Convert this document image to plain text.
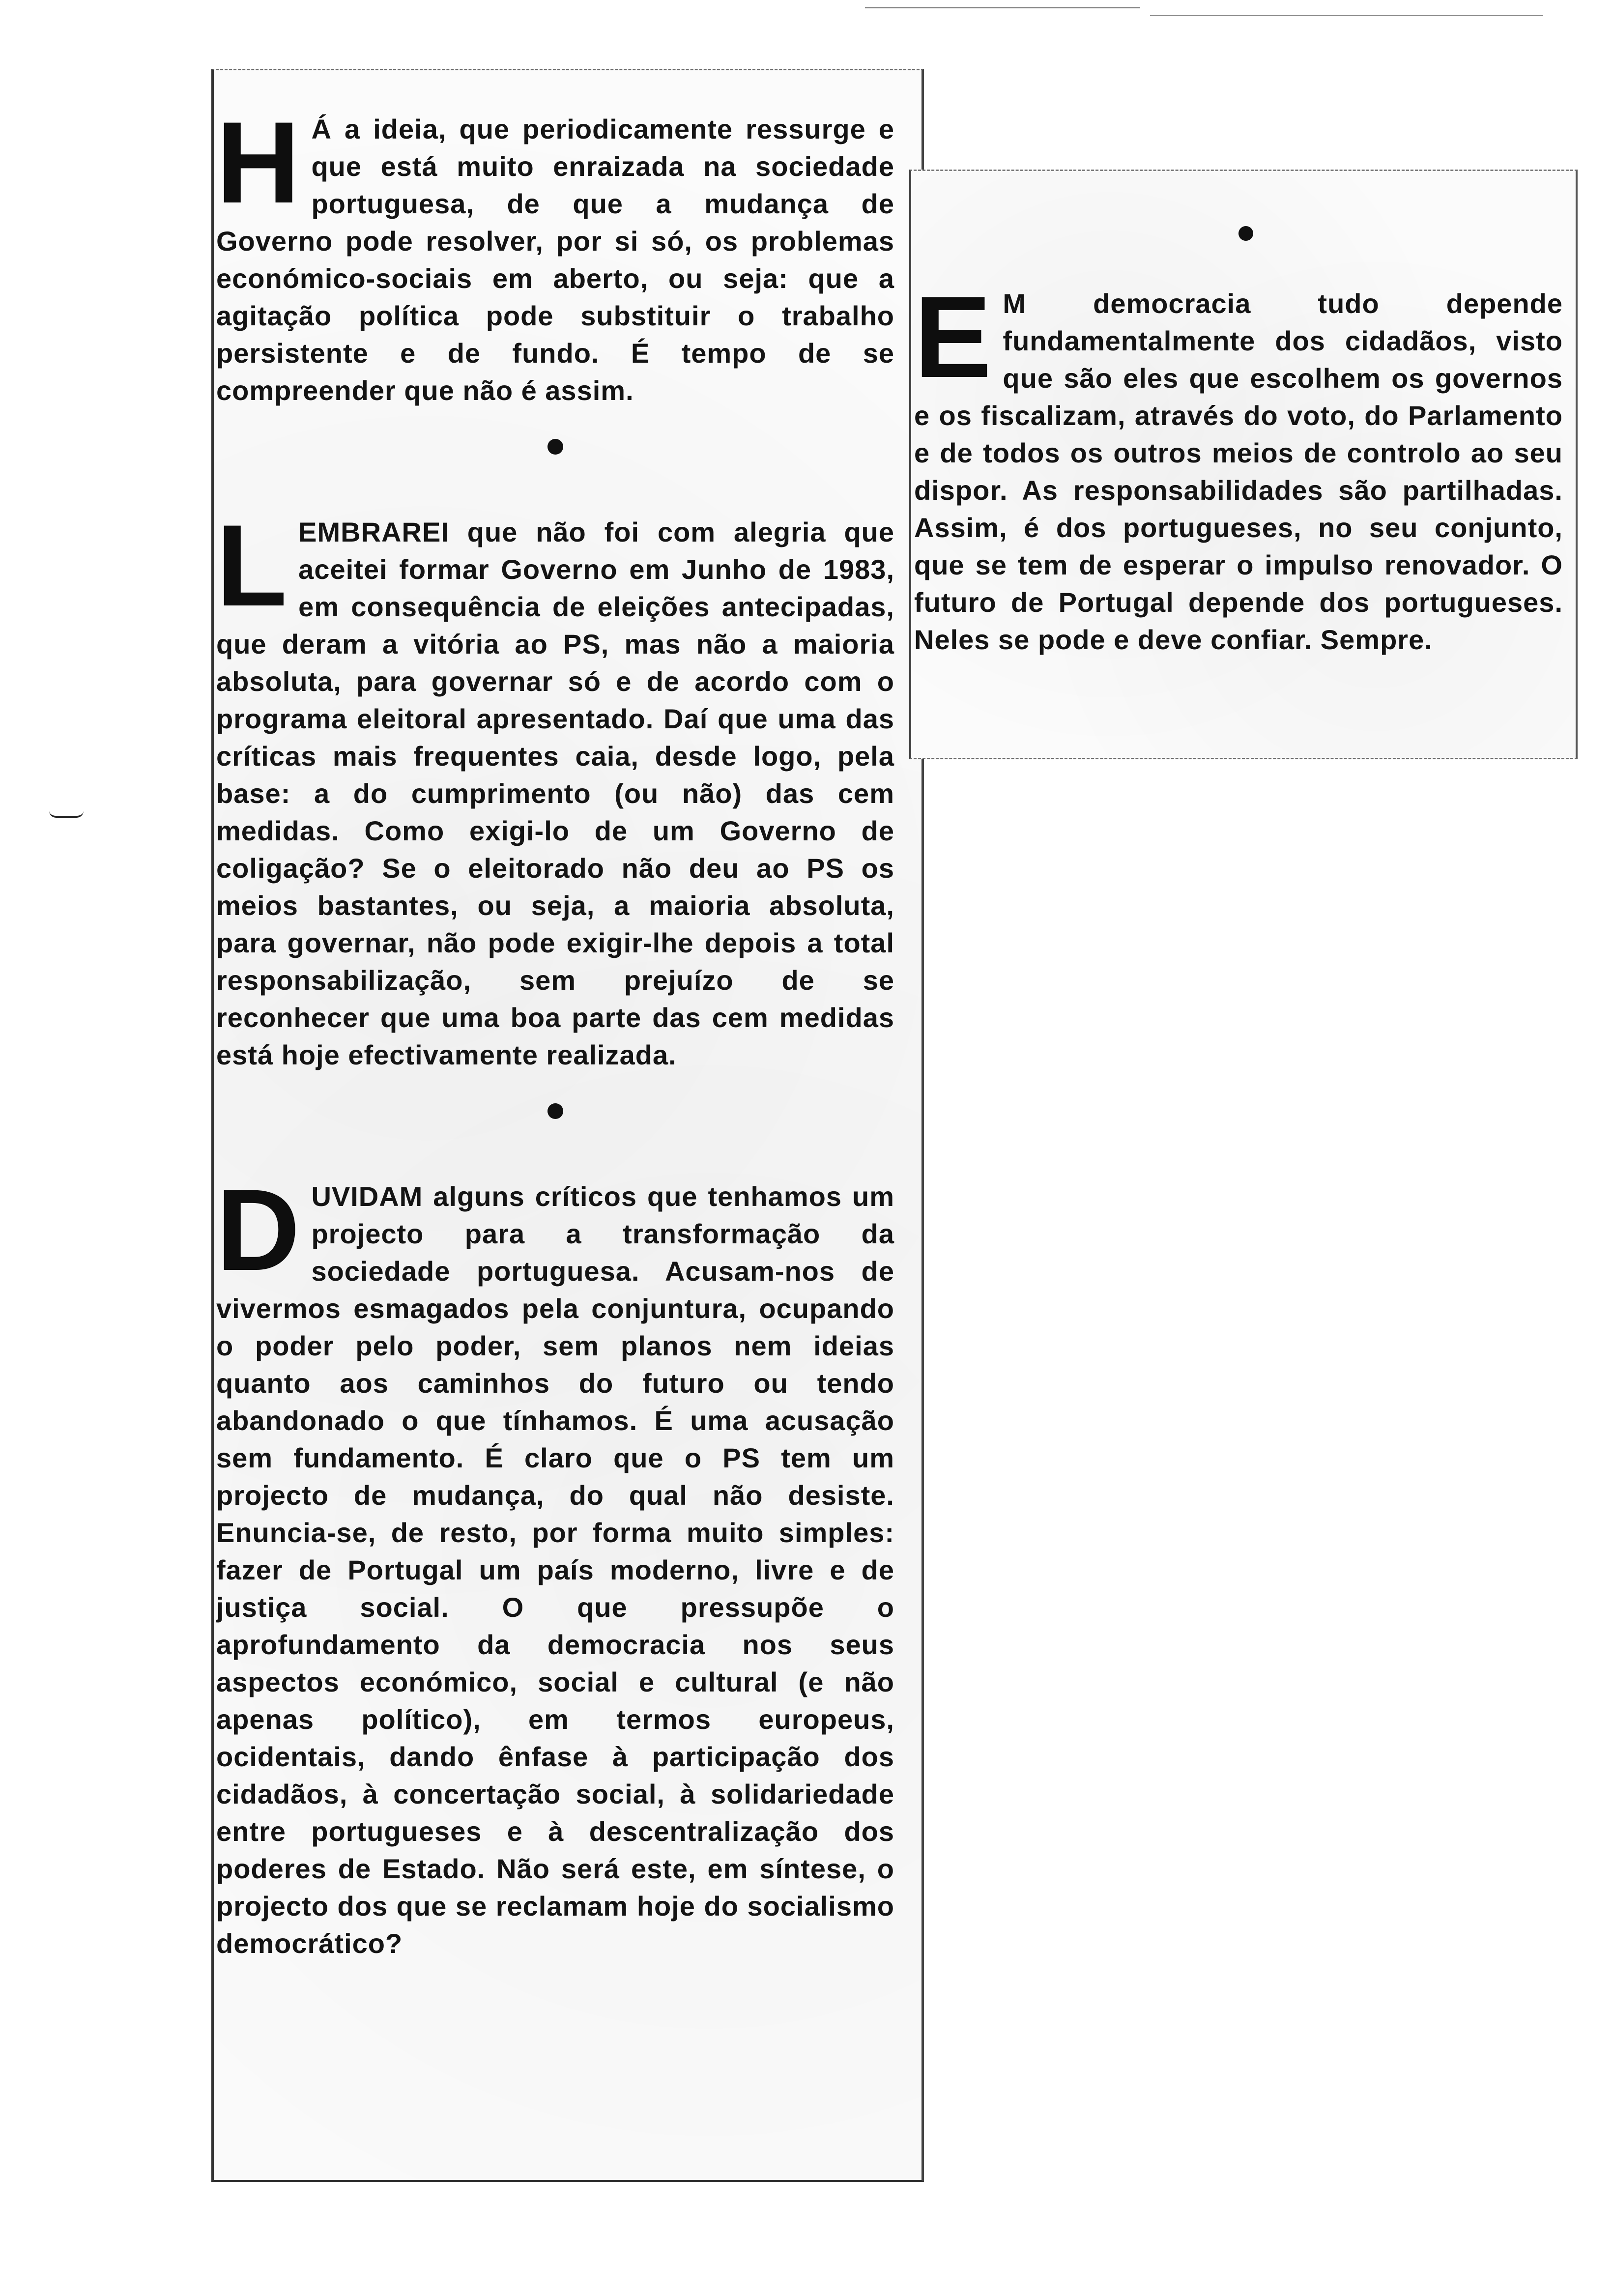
H Á a ideia, que periodicamente ressurge e que está muito enraizada na sociedade portuguesa, de que a mudança de Governo pode resolver, por si só, os problemas económico-sociais em aberto, ou seja: que a agitação política pode substituir o trabalho persistente e de fundo. É tempo de se compreender que não é assim.

LEMBRAREI que não foi com alegria que aceitei formar Governo em Junho de 1983, em consequência de eleições antecipadas, que deram a vitória ao PS, mas não a maioria absoluta, para governar só e de acordo com o programa eleitoral apresentado. Daí que uma das críticas mais frequentes caia, desde logo, pela base: a do cumprimento (ou não) das cem medidas. Como exigi-lo de um Governo de coligação? Se o eleitorado não deu ao PS os meios bastantes, ou seja, a maioria absoluta, para governar, não pode exigir-lhe depois a total responsabilização, sem prejuízo de se reconhecer que uma boa parte das cem medidas está hoje efectivamente realizada.

DUVIDAM alguns críticos que tenhamos um projecto para a transformação da sociedade portuguesa. Acusam-nos de vivermos esmagados pela conjuntura, ocupando o poder pelo poder, sem planos nem ideias quanto aos caminhos do futuro ou tendo abandonado o que tínhamos. É uma acusação sem fundamento. É claro que o PS tem um projecto de mudança, do qual não desiste. Enuncia-se, de resto, por forma muito simples: fazer de Portugal um país moderno, livre e de justiça social. O que pressupõe o aprofundamento da democracia nos seus aspectos económico, social e cultural (e não apenas político), em termos europeus, ocidentais, dando ênfase à participação dos cidadãos, à concertação social, à solidariedade entre portugueses e à descentralização dos poderes de Estado. Não será este, em síntese, o projecto dos que se reclamam hoje do socialismo democrático?

E M democracia tudo depende fundamentalmente dos cidadãos, visto que são eles que escolhem os governos e os fiscalizam, através do voto, do Parlamento e de todos os outros meios de controlo ao seu dispor. As responsabilidades são partilhadas. Assim, é dos portugueses, no seu conjunto, que se tem de esperar o impulso renovador. O futuro de Portugal depende dos portugueses. Neles se pode e deve confiar. Sempre.
